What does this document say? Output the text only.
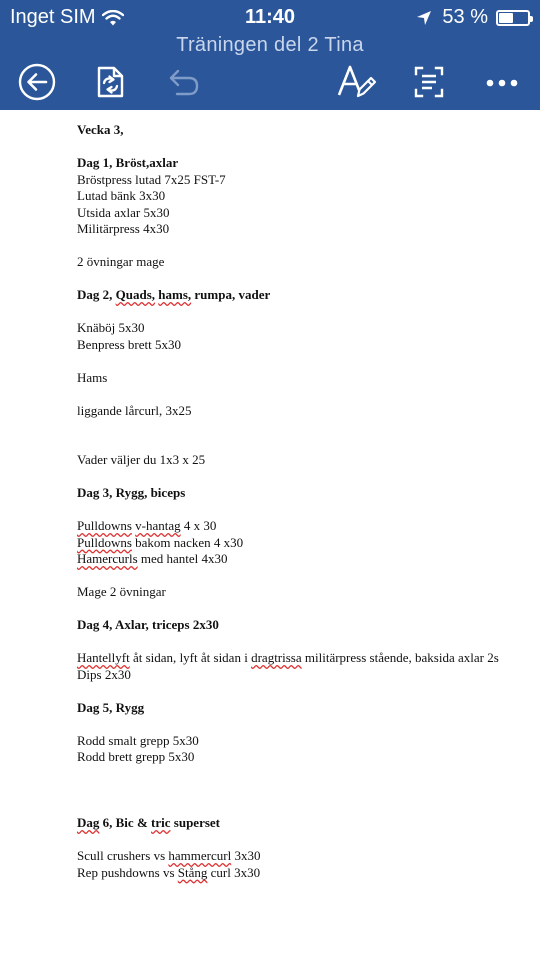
Inget SIM	11:40	53 %
Träningen del 2 Tina

Vecka 3,

Dag 1, Bröst,axlar

Bröstpress lutad 7x25 FST-7

Lutad bänk 3x30

Utsida axlar 5x30

Militärpress 4x30

2 övningar mage

Dag 2, Quads, hams, rumpa, vader

Knäböj 5x30

Benpress brett 5x30

Hams

liggande lårcurl, 3x25

Vader väljer du 1x3 x 25

Dag 3, Rygg, biceps

Pulldowns v-hantag 4 x 30

Pulldowns bakom nacken 4 x30

Hamercurls med hantel 4x30

Mage 2 övningar

Dag 4, Axlar, triceps 2x30

Hantellyft åt sidan, lyft åt sidan i dragtrissa militärpress stående, baksida axlar 2s

Dips 2x30

Dag 5, Rygg

Rodd smalt grepp 5x30

Rodd brett grepp 5x30

Dag 6, Bic & tric superset

Scull crushers vs hammercurl 3x30

Rep pushdowns vs Stång curl 3x30
